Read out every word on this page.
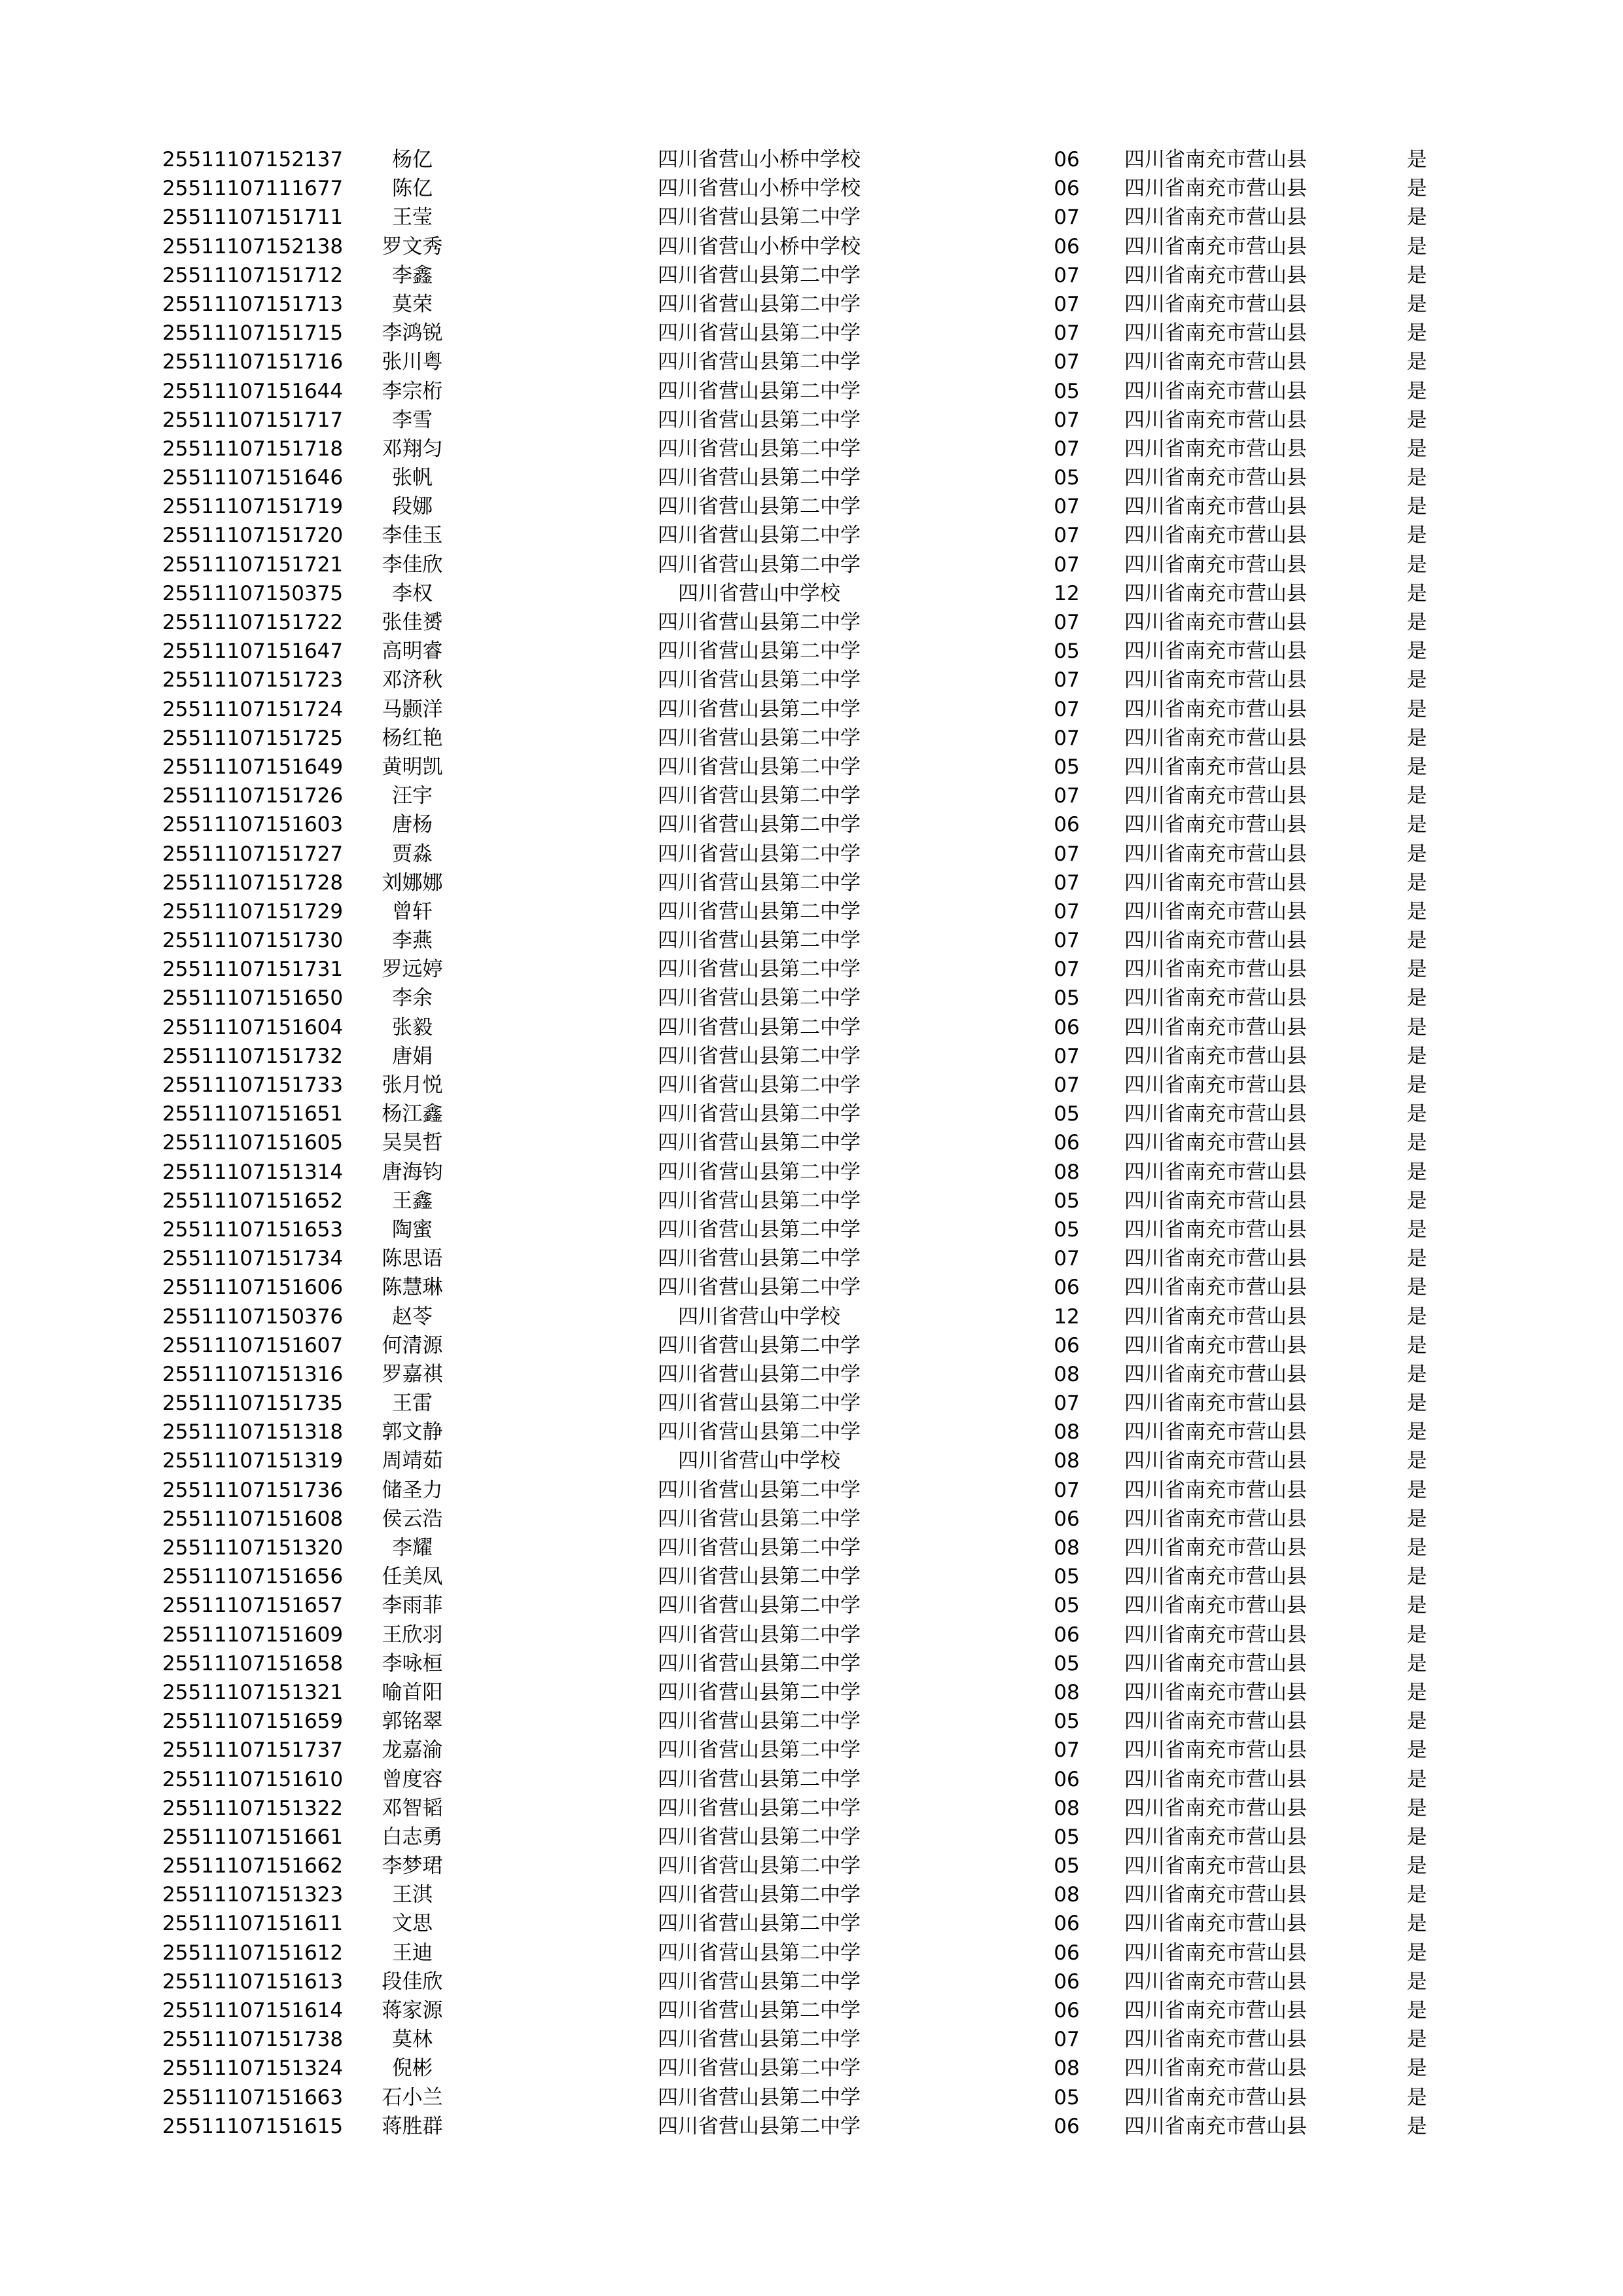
25511107152137	杨亿	四川省营山小桥中学校	06	四川省南充市营山县	是
25511107111677	陈亿	四川省营山小桥中学校	06	四川省南充市营山县	是
25511107151711	王莹	四川省营山县第二中学	07	四川省南充市营山县	是
25511107152138	罗文秀	四川省营山小桥中学校	06	四川省南充市营山县	是
25511107151712	李鑫	四川省营山县第二中学	07	四川省南充市营山县	是
25511107151713	莫荣	四川省营山县第二中学	07	四川省南充市营山县	是
25511107151715	李鸿锐	四川省营山县第二中学	07	四川省南充市营山县	是
25511107151716	张川粤	四川省营山县第二中学	07	四川省南充市营山县	是
25511107151644	李宗桁	四川省营山县第二中学	05	四川省南充市营山县	是
25511107151717	李雪	四川省营山县第二中学	07	四川省南充市营山县	是
25511107151718	邓翔匀	四川省营山县第二中学	07	四川省南充市营山县	是
25511107151646	张帆	四川省营山县第二中学	05	四川省南充市营山县	是
25511107151719	段娜	四川省营山县第二中学	07	四川省南充市营山县	是
25511107151720	李佳玉	四川省营山县第二中学	07	四川省南充市营山县	是
25511107151721	李佳欣	四川省营山县第二中学	07	四川省南充市营山县	是
25511107150375	李权	四川省营山中学校	12	四川省南充市营山县	是
25511107151722	张佳赟	四川省营山县第二中学	07	四川省南充市营山县	是
25511107151647	高明睿	四川省营山县第二中学	05	四川省南充市营山县	是
25511107151723	邓济秋	四川省营山县第二中学	07	四川省南充市营山县	是
25511107151724	马颢洋	四川省营山县第二中学	07	四川省南充市营山县	是
25511107151725	杨红艳	四川省营山县第二中学	07	四川省南充市营山县	是
25511107151649	黄明凯	四川省营山县第二中学	05	四川省南充市营山县	是
25511107151726	汪宇	四川省营山县第二中学	07	四川省南充市营山县	是
25511107151603	唐杨	四川省营山县第二中学	06	四川省南充市营山县	是
25511107151727	贾淼	四川省营山县第二中学	07	四川省南充市营山县	是
25511107151728	刘娜娜	四川省营山县第二中学	07	四川省南充市营山县	是
25511107151729	曾轩	四川省营山县第二中学	07	四川省南充市营山县	是
25511107151730	李燕	四川省营山县第二中学	07	四川省南充市营山县	是
25511107151731	罗远婷	四川省营山县第二中学	07	四川省南充市营山县	是
25511107151650	李余	四川省营山县第二中学	05	四川省南充市营山县	是
25511107151604	张毅	四川省营山县第二中学	06	四川省南充市营山县	是
25511107151732	唐娟	四川省营山县第二中学	07	四川省南充市营山县	是
25511107151733	张月悦	四川省营山县第二中学	07	四川省南充市营山县	是
25511107151651	杨江鑫	四川省营山县第二中学	05	四川省南充市营山县	是
25511107151605	吴昊哲	四川省营山县第二中学	06	四川省南充市营山县	是
25511107151314	唐海钧	四川省营山县第二中学	08	四川省南充市营山县	是
25511107151652	王鑫	四川省营山县第二中学	05	四川省南充市营山县	是
25511107151653	陶蜜	四川省营山县第二中学	05	四川省南充市营山县	是
25511107151734	陈思语	四川省营山县第二中学	07	四川省南充市营山县	是
25511107151606	陈慧琳	四川省营山县第二中学	06	四川省南充市营山县	是
25511107150376	赵苓	四川省营山中学校	12	四川省南充市营山县	是
25511107151607	何清源	四川省营山县第二中学	06	四川省南充市营山县	是
25511107151316	罗嘉祺	四川省营山县第二中学	08	四川省南充市营山县	是
25511107151735	王雷	四川省营山县第二中学	07	四川省南充市营山县	是
25511107151318	郭文静	四川省营山县第二中学	08	四川省南充市营山县	是
25511107151319	周靖茹	四川省营山中学校	08	四川省南充市营山县	是
25511107151736	储圣力	四川省营山县第二中学	07	四川省南充市营山县	是
25511107151608	侯云浩	四川省营山县第二中学	06	四川省南充市营山县	是
25511107151320	李耀	四川省营山县第二中学	08	四川省南充市营山县	是
25511107151656	任美凤	四川省营山县第二中学	05	四川省南充市营山县	是
25511107151657	李雨菲	四川省营山县第二中学	05	四川省南充市营山县	是
25511107151609	王欣羽	四川省营山县第二中学	06	四川省南充市营山县	是
25511107151658	李咏桓	四川省营山县第二中学	05	四川省南充市营山县	是
25511107151321	喻首阳	四川省营山县第二中学	08	四川省南充市营山县	是
25511107151659	郭铭翠	四川省营山县第二中学	05	四川省南充市营山县	是
25511107151737	龙嘉渝	四川省营山县第二中学	07	四川省南充市营山县	是
25511107151610	曾度容	四川省营山县第二中学	06	四川省南充市营山县	是
25511107151322	邓智韬	四川省营山县第二中学	08	四川省南充市营山县	是
25511107151661	白志勇	四川省营山县第二中学	05	四川省南充市营山县	是
25511107151662	李梦珺	四川省营山县第二中学	05	四川省南充市营山县	是
25511107151323	王淇	四川省营山县第二中学	08	四川省南充市营山县	是
25511107151611	文思	四川省营山县第二中学	06	四川省南充市营山县	是
25511107151612	王迪	四川省营山县第二中学	06	四川省南充市营山县	是
25511107151613	段佳欣	四川省营山县第二中学	06	四川省南充市营山县	是
25511107151614	蒋家源	四川省营山县第二中学	06	四川省南充市营山县	是
25511107151738	莫林	四川省营山县第二中学	07	四川省南充市营山县	是
25511107151324	倪彬	四川省营山县第二中学	08	四川省南充市营山县	是
25511107151663	石小兰	四川省营山县第二中学	05	四川省南充市营山县	是
25511107151615	蒋胜群	四川省营山县第二中学	06	四川省南充市营山县	是
